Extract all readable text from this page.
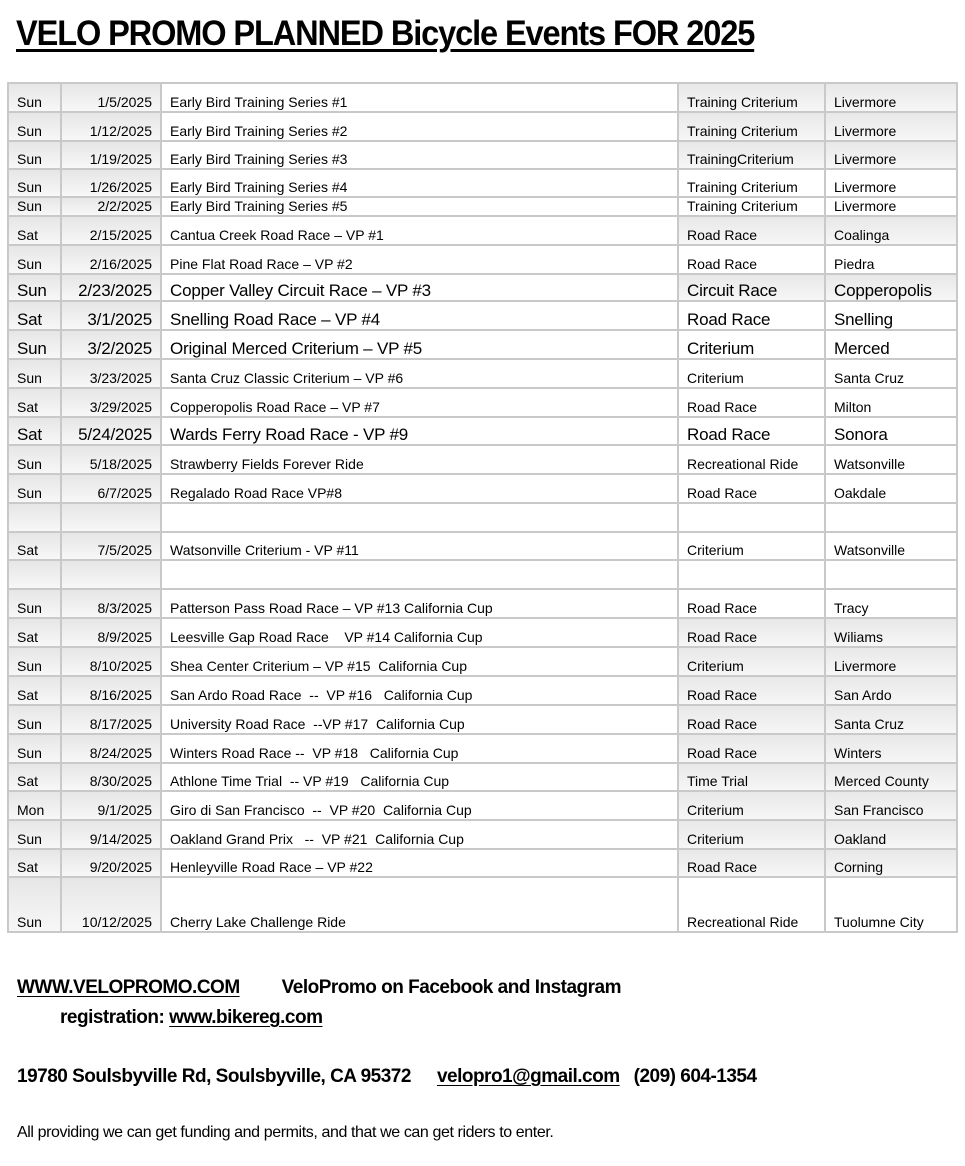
VELO PROMO PLANNED Bicycle Events FOR 2025
Sun	1/5/2025	Early Bird Training Series #1	Training Criterium	Livermore
Sun	1/12/2025	Early Bird Training Series #2	Training Criterium	Livermore
Sun	1/19/2025	Early Bird Training Series #3	TrainingCriterium	Livermore
Sun	1/26/2025	Early Bird Training Series #4	Training Criterium	Livermore
Sun	2/2/2025	Early Bird Training Series #5	Training Criterium	Livermore
Sat	2/15/2025	Cantua Creek Road Race – VP #1	Road Race	Coalinga
Sun	2/16/2025	Pine Flat Road Race – VP #2	Road Race	Piedra
Sun	2/23/2025	Copper Valley Circuit Race – VP #3	Circuit Race	Copperopolis
Sat	3/1/2025	Snelling Road Race – VP #4	Road Race	Snelling
Sun	3/2/2025	Original Merced Criterium – VP #5	Criterium	Merced
Sun	3/23/2025	Santa Cruz Classic Criterium – VP #6	Criterium	Santa Cruz
Sat	3/29/2025	Copperopolis Road Race – VP #7	Road Race	Milton
Sat	5/24/2025	Wards Ferry Road Race - VP #9	Road Race	Sonora
Sun	5/18/2025	Strawberry Fields Forever Ride	Recreational Ride	Watsonville
Sun	6/7/2025	Regalado Road Race VP#8	Road Race	Oakdale

Sat	7/5/2025	Watsonville Criterium - VP #11	Criterium	Watsonville

Sun	8/3/2025	Patterson Pass Road Race – VP #13 California Cup	Road Race	Tracy
Sat	8/9/2025	Leesville Gap Road Race    VP #14 California Cup	Road Race	Wiliams
Sun	8/10/2025	Shea Center Criterium – VP #15  California Cup	Criterium	Livermore
Sat	8/16/2025	San Ardo Road Race  --  VP #16   California Cup	Road Race	San Ardo
Sun	8/17/2025	University Road Race  --VP #17  California Cup	Road Race	Santa Cruz
Sun	8/24/2025	Winters Road Race --  VP #18   California Cup	Road Race	Winters
Sat	8/30/2025	Athlone Time Trial  -- VP #19   California Cup	Time Trial	Merced County
Mon	9/1/2025	Giro di San Francisco  --  VP #20  California Cup	Criterium	San Francisco
Sun	9/14/2025	Oakland Grand Prix   --  VP #21  California Cup	Criterium	Oakland
Sat	9/20/2025	Henleyville Road Race – VP #22	Road Race	Corning
Sun	10/12/2025	Cherry Lake Challenge Ride	Recreational Ride	Tuolumne City
WWW.VELOPROMO.COM VeloPromo on Facebook and Instagram
registration: www.bikereg.com
19780 Soulsbyville Rd, Soulsbyville, CA 95372 velopro1@gmail.com (209) 604-1354
All providing we can get funding and permits, and that we can get riders to enter.
